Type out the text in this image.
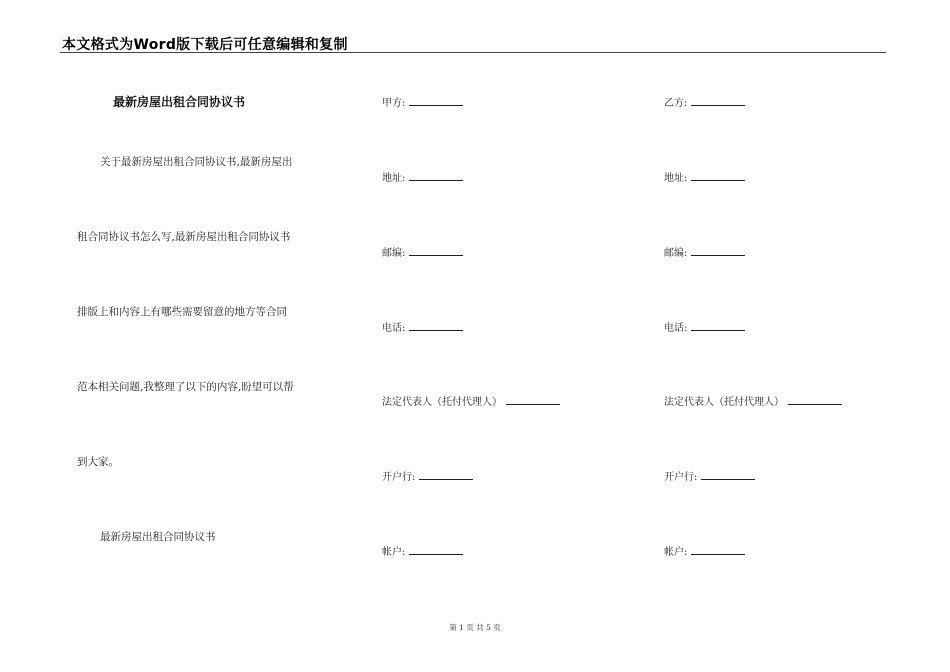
本文格式为Word版下载后可任意编辑和复制
最新房屋出租合同协议书
关于最新房屋出租合同协议书,最新房屋出
租合同协议书怎么写,最新房屋出租合同协议书
排版上和内容上有哪些需要留意的地方等合同
范本相关问题,我整理了以下的内容,盼望可以帮
到大家。
最新房屋出租合同协议书
甲方:
地址:
邮编:
电话:
法定代表人（托付代理人）
开户行:
帐户:
乙方:
地址:
邮编:
电话:
法定代表人（托付代理人）
开户行:
帐户:
第 1 页 共 5 页
